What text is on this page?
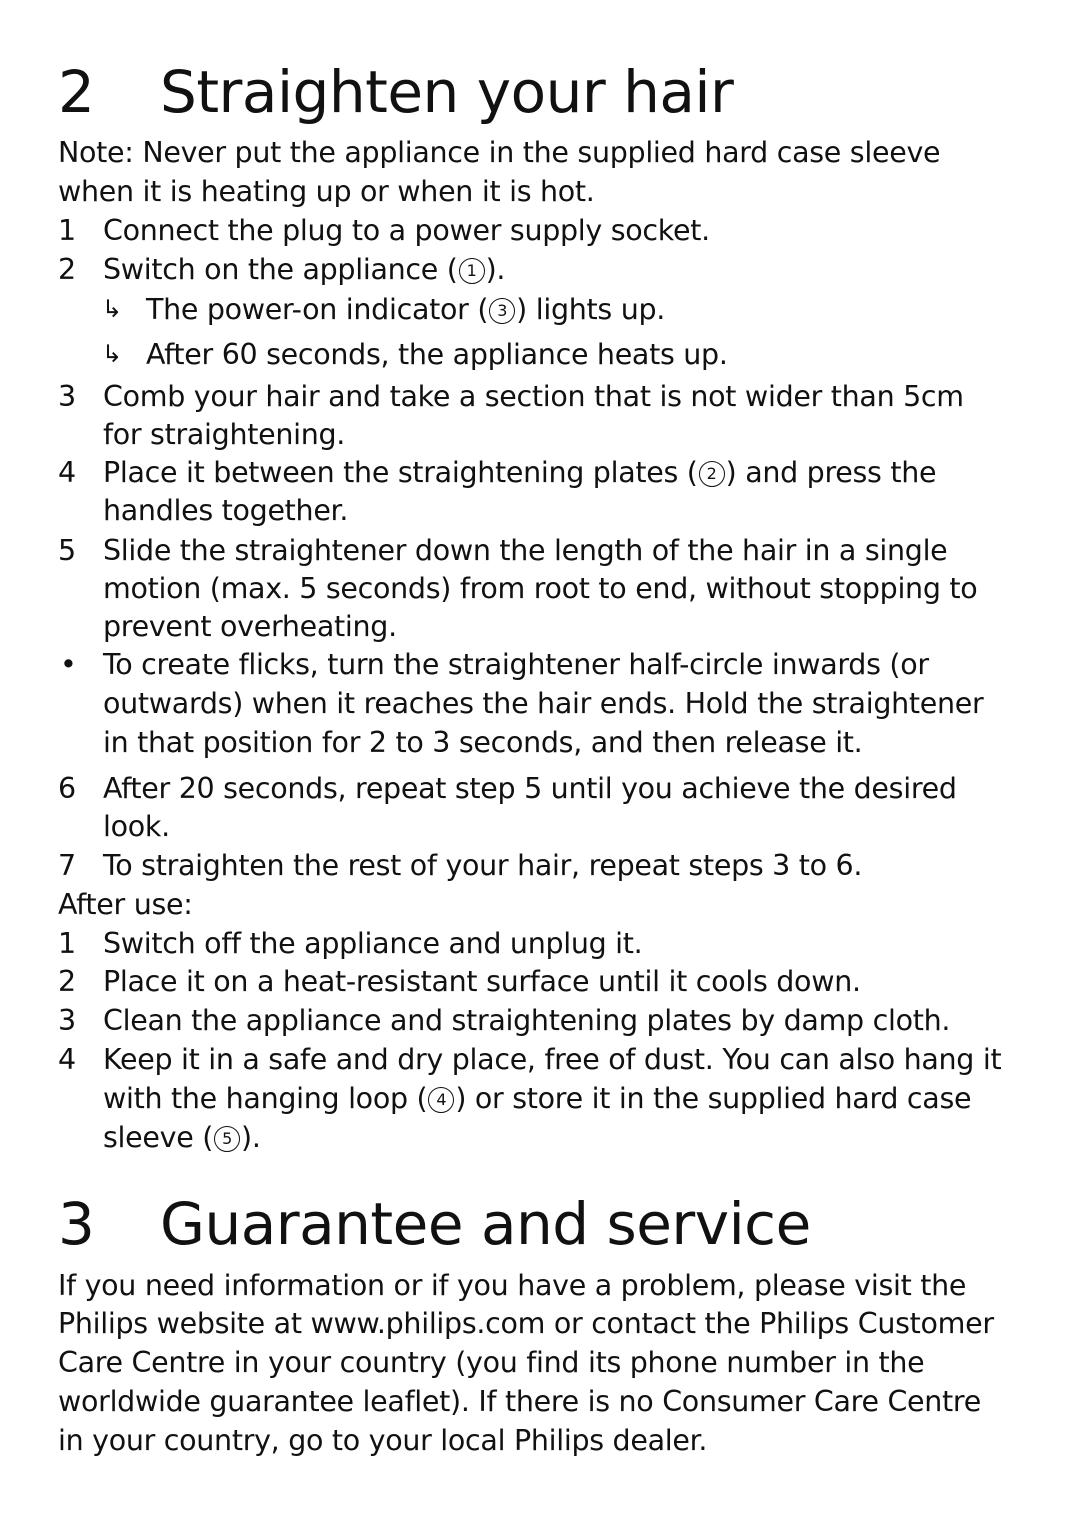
2 Straighten your hair
Note: Never put the appliance in the supplied hard case sleeve
when it is heating up or when it is hot.
1 Connect the plug to a power supply socket.
2 Switch on the appliance ( 1 ).
↳ The power-on indicator ( 3 ) lights up.
↳ After 60 seconds, the appliance heats up.
3 Comb your hair and take a section that is not wider than 5cm
for straightening.
4 Place it between the straightening plates ( 2 ) and press the
handles together.
5 Slide the straightener down the length of the hair in a single
motion (max. 5 seconds) from root to end, without stopping to
prevent overheating.
• To create flicks, turn the straightener half-circle inwards (or
outwards) when it reaches the hair ends. Hold the straightener
in that position for 2 to 3 seconds, and then release it.
6 After 20 seconds, repeat step 5 until you achieve the desired
look.
7 To straighten the rest of your hair, repeat steps 3 to 6.
After use:
1 Switch off the appliance and unplug it.
2 Place it on a heat-resistant surface until it cools down.
3 Clean the appliance and straightening plates by damp cloth.
4 Keep it in a safe and dry place, free of dust. You can also hang it
with the hanging loop ( 4 ) or store it in the supplied hard case
sleeve ( 5 ).
3 Guarantee and service
If you need information or if you have a problem, please visit the
Philips website at www.philips.com or contact the Philips Customer
Care Centre in your country (you find its phone number in the
worldwide guarantee leaflet). If there is no Consumer Care Centre
in your country, go to your local Philips dealer.
